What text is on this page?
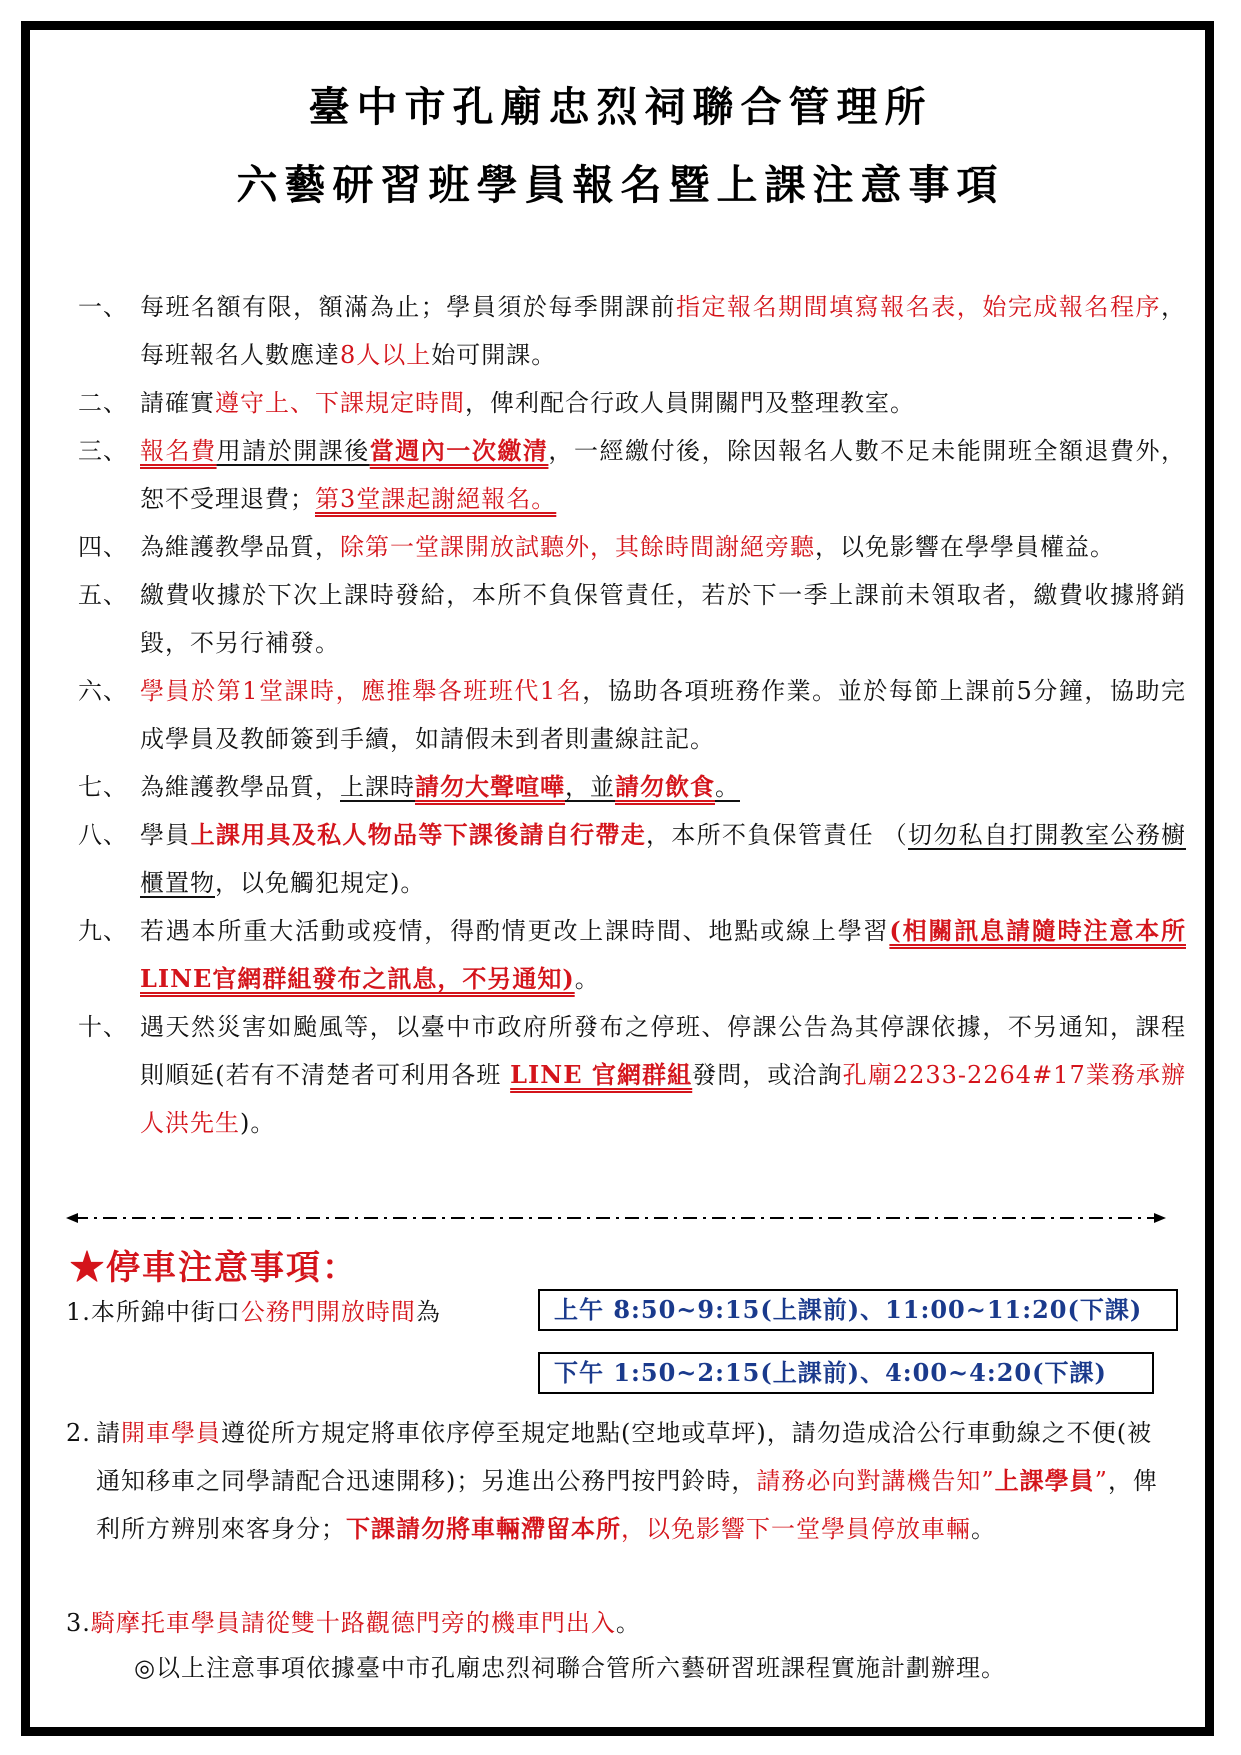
臺中市孔廟忠烈祠聯合管理所
六藝研習班學員報名暨上課注意事項
一、 每班名額有限，額滿為止；學員須於每季開課前指定報名期間填寫報名表，始完成報名程序，每班報名人數應達8人以上始可開課。
二、 請確實遵守上、下課規定時間，俾利配合行政人員開關門及整理教室。
三、 報名費用請於開課後當週內一次繳清，一經繳付後，除因報名人數不足未能開班全額退費外，恕不受理退費；第3堂課起謝絕報名。
四、 為維護教學品質，除第一堂課開放試聽外，其餘時間謝絕旁聽，以免影響在學學員權益。
五、 繳費收據於下次上課時發給，本所不負保管責任，若於下一季上課前未領取者，繳費收據將銷毀，不另行補發。
六、 學員於第1堂課時，應推舉各班班代1名，協助各項班務作業。並於每節上課前5分鐘，協助完成學員及教師簽到手續，如請假未到者則畫線註記。
七、 為維護教學品質，上課時請勿大聲喧嘩，並請勿飲食。
八、 學員上課用具及私人物品等下課後請自行帶走，本所不負保管責任 （切勿私自打開教室公務櫥櫃置物，以免觸犯規定)。
九、 若遇本所重大活動或疫情，得酌情更改上課時間、地點或線上學習(相關訊息請隨時注意本所LINE官網群組發布之訊息，不另通知)。
十、 遇天然災害如颱風等，以臺中市政府所發布之停班、停課公告為其停課依據，不另通知，課程則順延(若有不清楚者可利用各班 LINE 官網群組發問，或洽詢孔廟2233-2264#17業務承辦人洪先生)。
★停車注意事項：
1.本所錦中街口公務門開放時間為	上午 8:50~9:15(上課前)、11:00~11:20(下課)
下午 1:50~2:15(上課前)、4:00~4:20(下課)
2. 請開車學員遵從所方規定將車依序停至規定地點(空地或草坪)，請勿造成洽公行車動線之不便(被通知移車之同學請配合迅速開移)；另進出公務門按門鈴時，請務必向對講機告知”上課學員”，俾利所方辨別來客身分；下課請勿將車輛滯留本所，以免影響下一堂學員停放車輛。
3.騎摩托車學員請從雙十路觀德門旁的機車門出入。
◎以上注意事項依據臺中市孔廟忠烈祠聯合管所六藝研習班課程實施計劃辦理。
